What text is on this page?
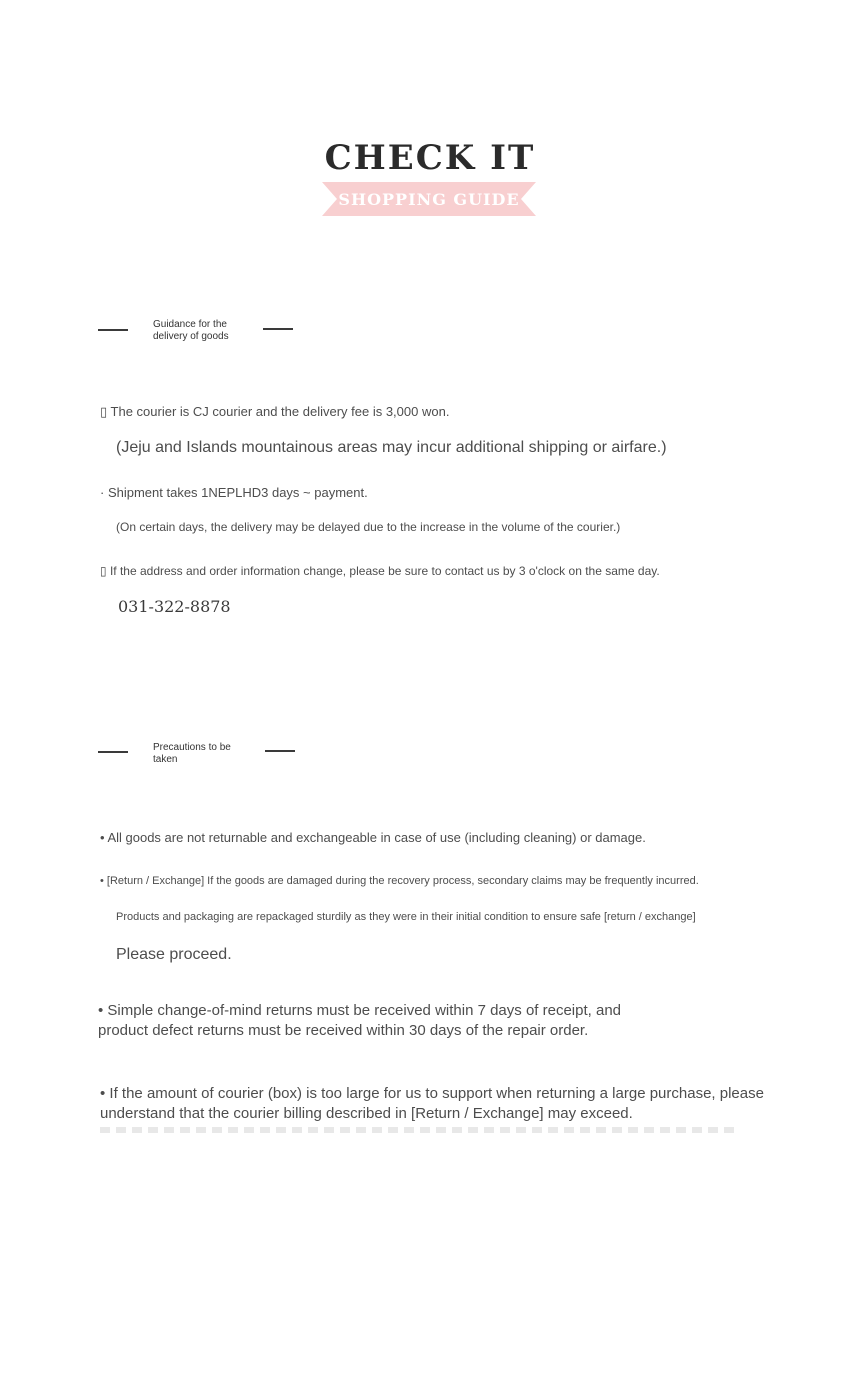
CHECK IT
SHOPPING GUIDE
Guidance for the delivery of goods
▯ The courier is CJ courier and the delivery fee is 3,000 won.
(Jeju and Islands mountainous areas may incur additional shipping or airfare.)
· Shipment takes 1NEPLHD3 days ~ payment.
(On certain days, the delivery may be delayed due to the increase in the volume of the courier.)
▯ If the address and order information change, please be sure to contact us by 3 o'clock on the same day.
031-322-8878
Precautions to be taken
• All goods are not returnable and exchangeable in case of use (including cleaning) or damage.
• [Return / Exchange] If the goods are damaged during the recovery process, secondary claims may be frequently incurred.
Products and packaging are repackaged sturdily as they were in their initial condition to ensure safe [return / exchange]
Please proceed.
• Simple change-of-mind returns must be received within 7 days of receipt, and product defect returns must be received within 30 days of the repair order.
• If the amount of courier (box) is too large for us to support when returning a large purchase, please understand that the courier billing described in [Return / Exchange] may exceed.
